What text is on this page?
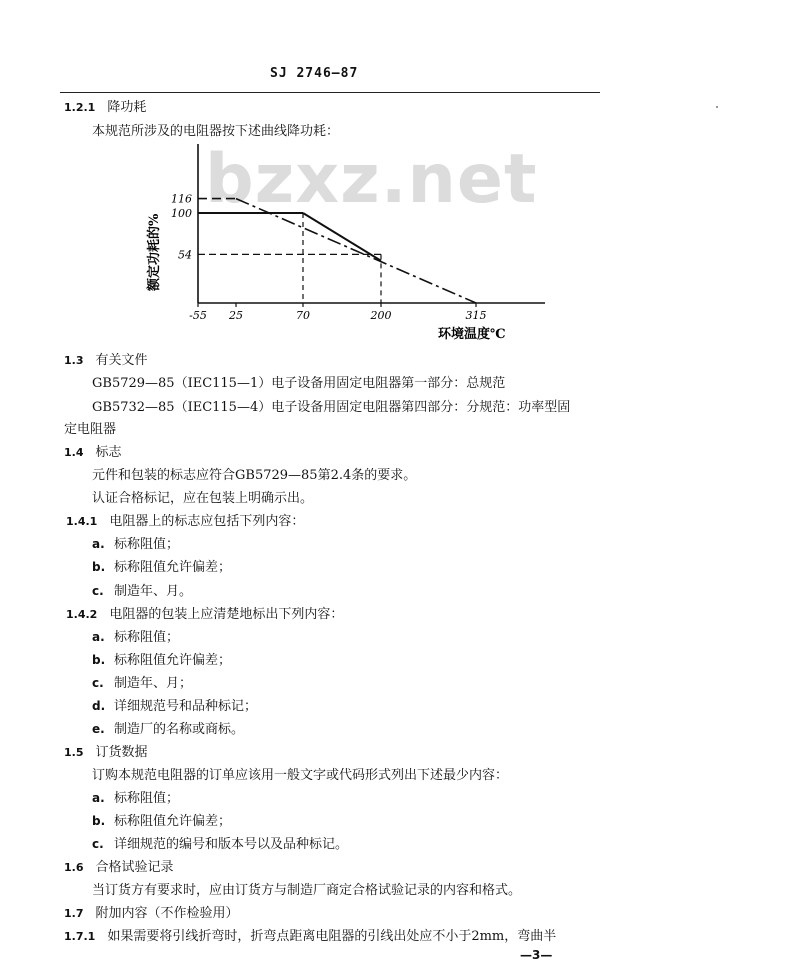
SJ 2746—87
bzxz.net
1.2.1 降功耗
本规范所涉及的电阻器按下述曲线降功耗：
116
100
54
-55 25	70	200	315
额定功耗的%
环境温度℃
1.3 有关文件
GB5729—85（IEC115—1）电子设备用固定电阻器第一部分：总规范
GB5732—85（IEC115—4）电子设备用固定电阻器第四部分：分规范：功率型固
定电阻器
1.4 标志
元件和包装的标志应符合GB5729—85第2.4条的要求。
认证合格标记，应在包装上明确示出。
1.4.1 电阻器上的标志应包括下列内容：
a. 标称阻值；
b. 标称阻值允许偏差；
c. 制造年、月。
1.4.2 电阻器的包装上应清楚地标出下列内容：
a. 标称阻值；
b. 标称阻值允许偏差；
c. 制造年、月；
d. 详细规范号和品种标记；
e. 制造厂的名称或商标。
1.5 订货数据
订购本规范电阻器的订单应该用一般文字或代码形式列出下述最少内容：
a. 标称阻值；
b. 标称阻值允许偏差；
c. 详细规范的编号和版本号以及品种标记。
1.6 合格试验记录
当订货方有要求时，应由订货方与制造厂商定合格试验记录的内容和格式。
1.7 附加内容（不作检验用）
1.7.1 如果需要将引线折弯时，折弯点距离电阻器的引线出处应不小于2mm，弯曲半
—3—
